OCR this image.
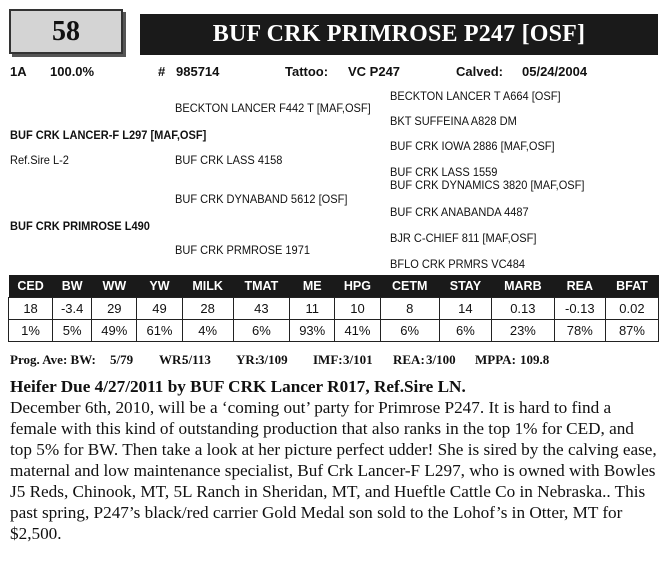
58	BUF CRK PRIMROSE P247 [OSF]
1A 100.0%	# 985714	Tattoo: VC P247	Calved: 05/24/2004
BUF CRK LANCER-F L297 [MAF,OSF]
Ref.Sire L-2
BUF CRK PRIMROSE L490
BECKTON LANCER F442 T [MAF,OSF]
BUF CRK LASS 4158
BUF CRK DYNABAND 5612 [OSF]
BUF CRK PRMROSE 1971
BECKTON LANCER T A664 [OSF]
BKT SUFFEINA A828 DM
BUF CRK IOWA 2886 [MAF,OSF]
BUF CRK LASS 1559
BUF CRK DYNAMICS 3820 [MAF,OSF]
BUF CRK ANABANDA 4487
BJR C-CHIEF 811 [MAF,OSF]
BFLO CRK PRMRS VC484
CED	BW	WW	YW	MILK	TMAT	ME	HPG	CETM	STAY	MARB	REA	BFAT
18	-3.4	29	49	28	43	11	10	8	14	0.13	-0.13	0.02
1%	5%	49%	61%	4%	6%	93%	41%	6%	6%	23%	78%	87%
Prog. Ave: BW: 5/79 WR:
5/113 YR:
3/109 IMF: 3/101 REA: 3/100 MPPA: 109.8
Heifer Due 4/27/2011 by BUF CRK Lancer R017, Ref.Sire LN.
December 6th, 2010, will be a ‘coming out’ party for Primrose P247. It is hard to find a female with this kind of outstanding production that also ranks in the top 1% for CED, and top 5% for BW. Then take a look at her picture perfect udder! She is sired by the calving ease, maternal and low maintenance specialist, Buf Crk Lancer-F L297, who is owned with Bowles J5 Reds, Chinook, MT, 5L Ranch in Sheridan, MT, and Hueftle Cattle Co in Nebraska.. This past spring, P247’s black/red carrier Gold Medal son sold to the Lohof’s in Otter, MT for $2,500.
